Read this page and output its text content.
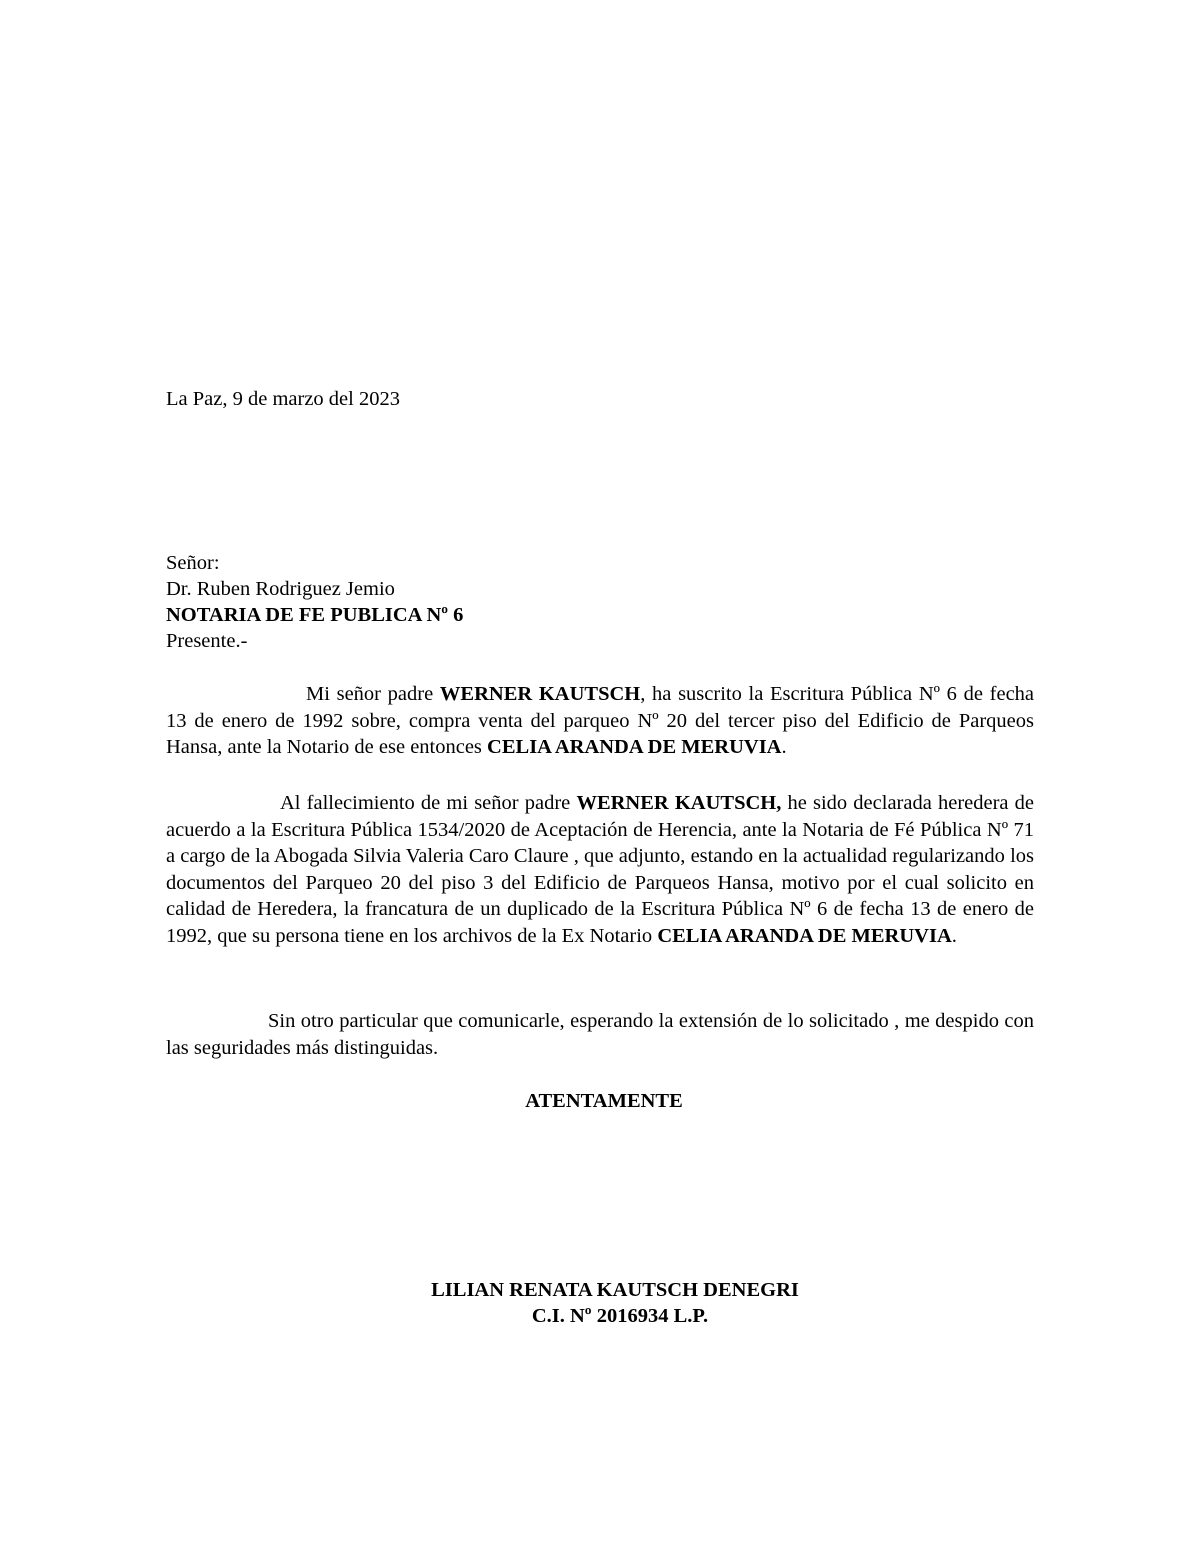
La Paz, 9 de marzo del 2023
Señor:
Dr. Ruben Rodriguez Jemio
NOTARIA DE FE PUBLICA Nº 6
Presente.-
Mi señor padre WERNER KAUTSCH, ha suscrito la Escritura Pública Nº 6 de fecha 13 de enero de 1992 sobre, compra venta del parqueo Nº 20 del tercer piso del Edificio de Parqueos Hansa, ante la Notario de ese entonces CELIA ARANDA DE MERUVIA.
Al fallecimiento de mi señor padre WERNER KAUTSCH, he sido declarada heredera de acuerdo a la Escritura Pública 1534/2020 de Aceptación de Herencia, ante la Notaria de Fé Pública Nº 71 a cargo de la Abogada Silvia Valeria Caro Claure , que adjunto, estando en la actualidad regularizando los documentos del Parqueo 20 del piso 3 del Edificio de Parqueos Hansa, motivo por el cual solicito en calidad de Heredera, la francatura de un duplicado de la Escritura Pública Nº 6 de fecha 13 de enero de 1992, que su persona tiene en los archivos de la Ex Notario CELIA ARANDA DE MERUVIA.
Sin otro particular que comunicarle, esperando la extensión de lo solicitado , me despido con las seguridades más distinguidas.
ATENTAMENTE
LILIAN RENATA KAUTSCH DENEGRI
C.I. Nº 2016934 L.P.
